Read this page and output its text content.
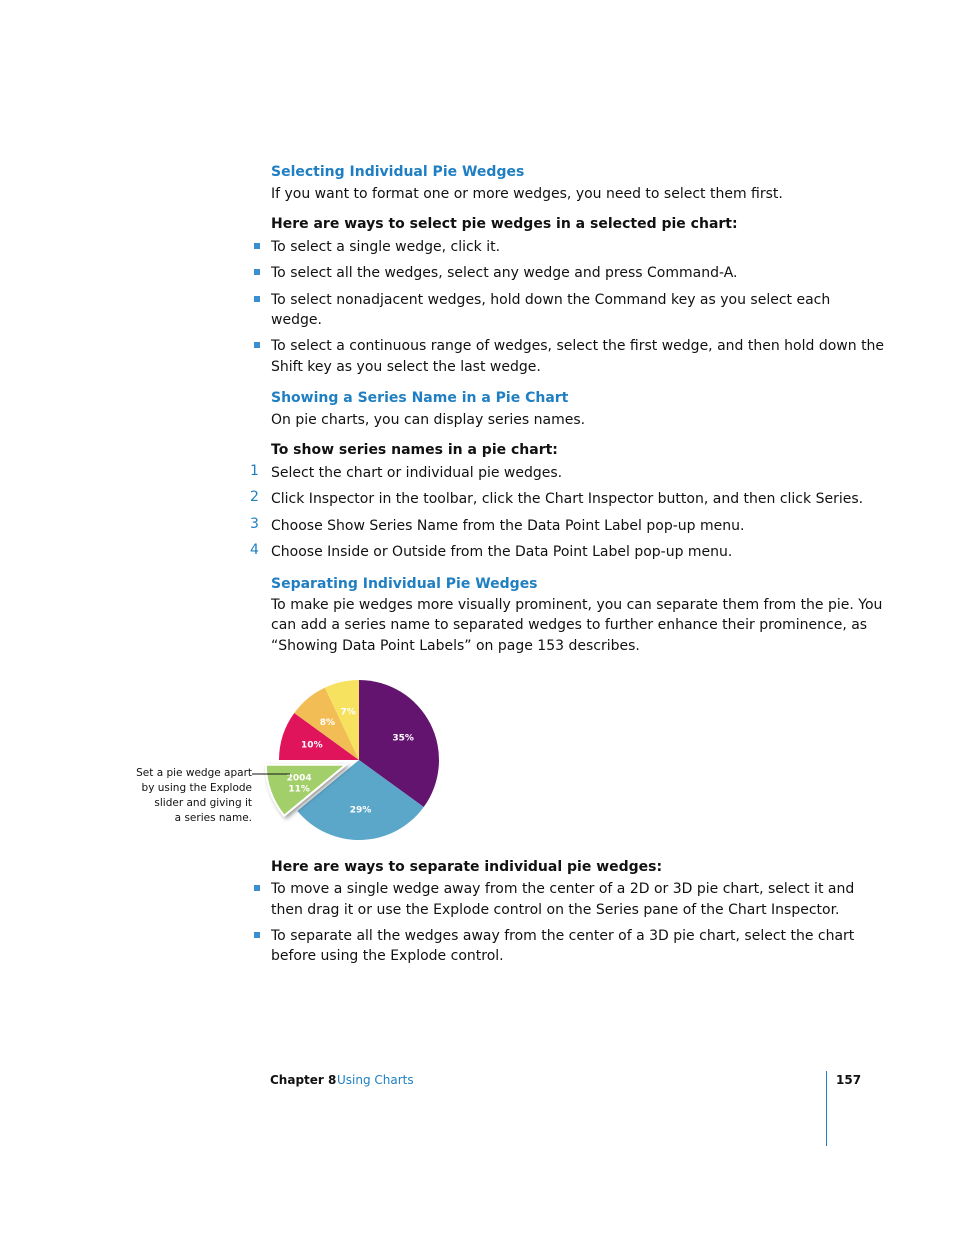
Selecting Individual Pie Wedges
If you want to format one or more wedges, you need to select them first.
Here are ways to select pie wedges in a selected pie chart:
To select a single wedge, click it.
To select all the wedges, select any wedge and press Command-A.
To select nonadjacent wedges, hold down the Command key as you select each
wedge.
To select a continuous range of wedges, select the first wedge, and then hold down the
Shift key as you select the last wedge.
Showing a Series Name in a Pie Chart
On pie charts, you can display series names.
To show series names in a pie chart:
1 Select the chart or individual pie wedges.
2 Click Inspector in the toolbar, click the Chart Inspector button, and then click Series.
3 Choose Show Series Name from the Data Point Label pop-up menu.
4 Choose Inside or Outside from the Data Point Label pop-up menu.
Separating Individual Pie Wedges
To make pie wedges more visually prominent, you can separate them from the pie. You
can add a series name to separated wedges to further enhance their prominence, as
“Showing Data Point Labels” on page 153 describes.
35%
29%
2004
11%
10%
8%
7%
Set a pie wedge apart
by using the Explode
slider and giving it
a series name.
Here are ways to separate individual pie wedges:
To move a single wedge away from the center of a 2D or 3D pie chart, select it and
then drag it or use the Explode control on the Series pane of the Chart Inspector.
To separate all the wedges away from the center of a 3D pie chart, select the chart
before using the Explode control.
Chapter 8 Using Charts	157
